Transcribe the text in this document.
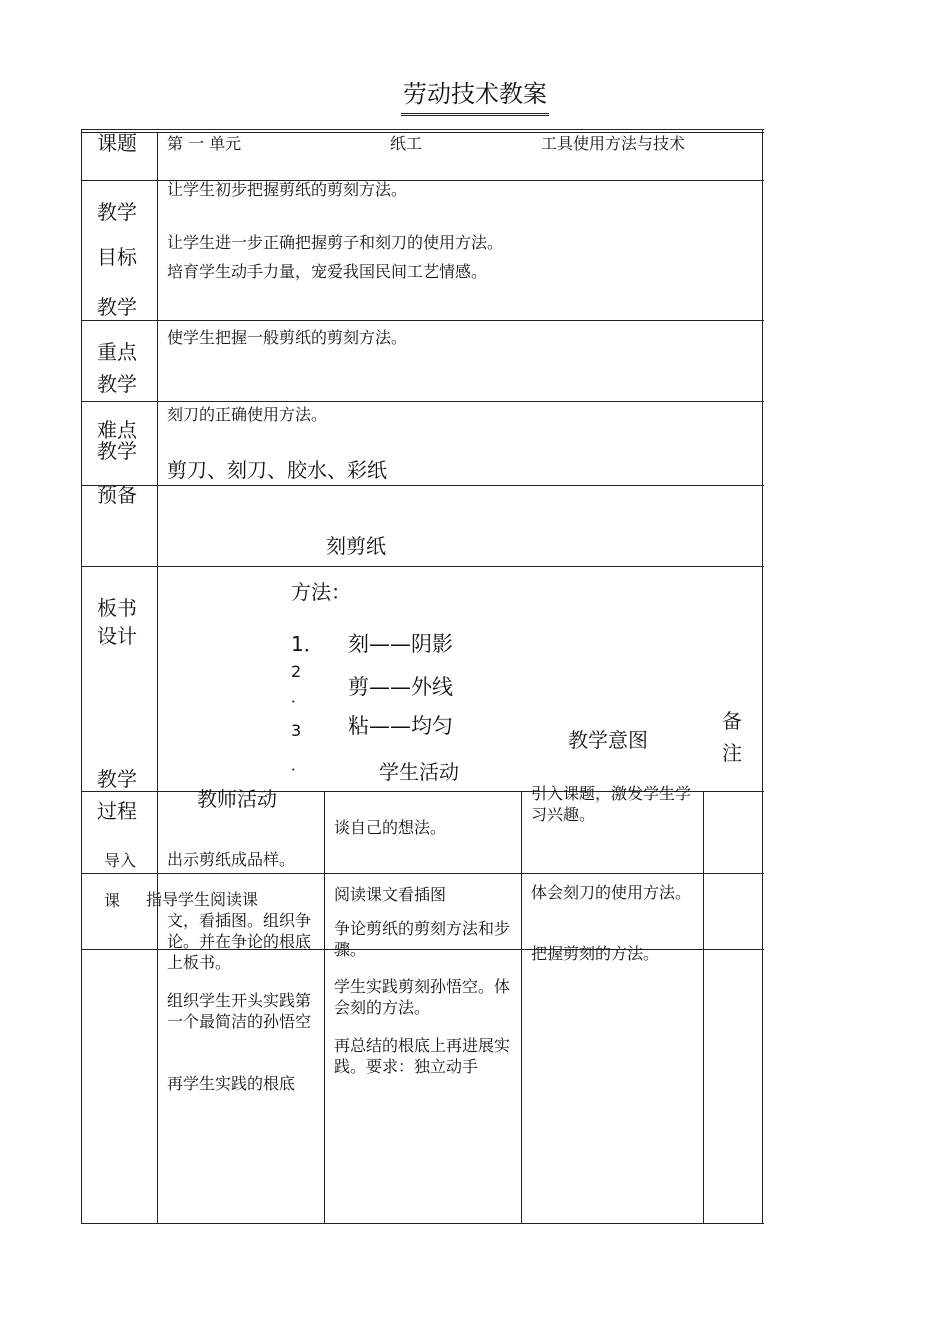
劳动技术教案
课题
教学
目标
教学
重点
教学
难点
教学
预备
板书
设计
教学
过程
导入
课
第 一 单元	纸工	工具使用方法与技术
让学生初步把握剪纸的剪刻方法。
让学生进一步正确把握剪子和刻刀的使用方法。
培育学生动手力量，宠爱我国民间工艺情感。
使学生把握一般剪纸的剪刻方法。
刻刀的正确使用方法。
剪刀、刻刀、胶水、彩纸
刻剪纸
方法：
1． 刻——阴影
2
． 剪——外线
3
．
粘——均匀
教师活动
学生活动
教学意图
备
注
出示剪纸成品样。
谈自己的想法。
引入课题，激发学生学习兴趣。
指 导学生阅读课
文，看插图。组织争论。并在争论的根底上板书。
组织学生开头实践第一个最简洁的孙悟空
再学生实践的根底
阅读课文看插图
争论剪纸的剪刻方法和步骤。
学生实践剪刻孙悟空。体会刻的方法。
再总结的根底上再进展实践。要求：独立动手
体会刻刀的使用方法。
把握剪刻的方法。
